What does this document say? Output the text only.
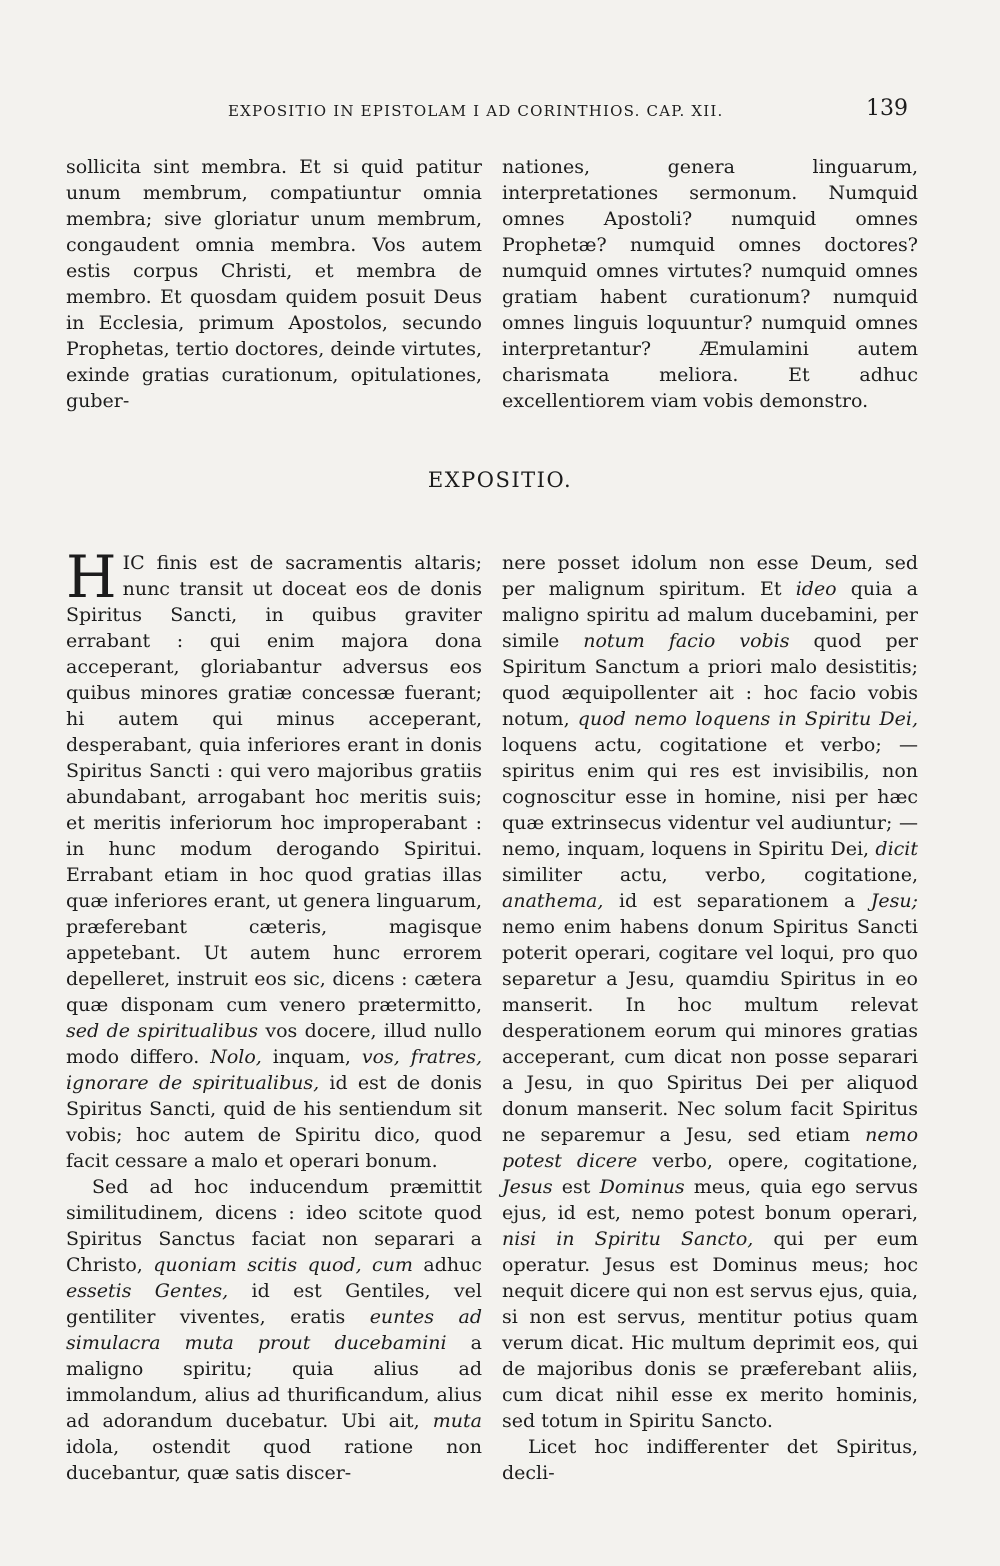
EXPOSITIO IN EPISTOLAM I AD CORINTHIOS. CAP. XII.	139

sollicita sint membra. Et si quid patitur unum membrum, compatiuntur omnia membra; sive gloriatur unum membrum, congaudent omnia membra. Vos autem estis corpus Christi, et membra de membro. Et quosdam quidem posuit Deus in Ecclesia, primum Apostolos, secundo Prophetas, tertio doctores, deinde virtutes, exinde gratias curationum, opitulationes, guber-

nationes, genera linguarum, interpretationes sermonum. Numquid omnes Apostoli? numquid omnes Prophetæ? numquid omnes doctores? numquid omnes virtutes? numquid omnes gratiam habent curationum? numquid omnes linguis loquuntur? numquid omnes interpretantur? Æmulamini autem charismata meliora. Et adhuc excellentiorem viam vobis demonstro.

EXPOSITIO.

HIC finis est de sacramentis altaris; nunc transit ut doceat eos de donis Spiritus Sancti, in quibus graviter errabant : qui enim majora dona acceperant, gloriabantur adversus eos quibus minores gratiæ concessæ fuerant; hi autem qui minus acceperant, desperabant, quia inferiores erant in donis Spiritus Sancti : qui vero majoribus gratiis abundabant, arrogabant hoc meritis suis; et meritis inferiorum hoc improperabant : in hunc modum derogando Spiritui. Errabant etiam in hoc quod gratias illas quæ inferiores erant, ut genera linguarum, præferebant cæteris, magisque appetebant. Ut autem hunc errorem depelleret, instruit eos sic, dicens : cætera quæ disponam cum venero prætermitto, sed de spiritualibus vos docere, illud nullo modo differo. Nolo, inquam, vos, fratres, ignorare de spiritualibus, id est de donis Spiritus Sancti, quid de his sentiendum sit vobis; hoc autem de Spiritu dico, quod facit cessare a malo et operari bonum.

Sed ad hoc inducendum præmittit similitudinem, dicens : ideo scitote quod Spiritus Sanctus faciat non separari a Christo, quoniam scitis quod, cum adhuc essetis Gentes, id est Gentiles, vel gentiliter viventes, eratis euntes ad simulacra muta prout ducebamini a maligno spiritu; quia alius ad immolandum, alius ad thurificandum, alius ad adorandum ducebatur. Ubi ait, muta idola, ostendit quod ratione non ducebantur, quæ satis discer-

nere posset idolum non esse Deum, sed per malignum spiritum. Et ideo quia a maligno spiritu ad malum ducebamini, per simile notum facio vobis quod per Spiritum Sanctum a priori malo desistitis; quod æquipollenter ait : hoc facio vobis notum, quod nemo loquens in Spiritu Dei, loquens actu, cogitatione et verbo; — spiritus enim qui res est invisibilis, non cognoscitur esse in homine, nisi per hæc quæ extrinsecus videntur vel audiuntur; — nemo, inquam, loquens in Spiritu Dei, dicit similiter actu, verbo, cogitatione, anathema, id est separationem a Jesu; nemo enim habens donum Spiritus Sancti poterit operari, cogitare vel loqui, pro quo separetur a Jesu, quamdiu Spiritus in eo manserit. In hoc multum relevat desperationem eorum qui minores gratias acceperant, cum dicat non posse separari a Jesu, in quo Spiritus Dei per aliquod donum manserit. Nec solum facit Spiritus ne separemur a Jesu, sed etiam nemo potest dicere verbo, opere, cogitatione, Jesus est Dominus meus, quia ego servus ejus, id est, nemo potest bonum operari, nisi in Spiritu Sancto, qui per eum operatur. Jesus est Dominus meus; hoc nequit dicere qui non est servus ejus, quia, si non est servus, mentitur potius quam verum dicat. Hic multum deprimit eos, qui de majoribus donis se præferebant aliis, cum dicat nihil esse ex merito hominis, sed totum in Spiritu Sancto.

Licet hoc indifferenter det Spiritus, decli-
